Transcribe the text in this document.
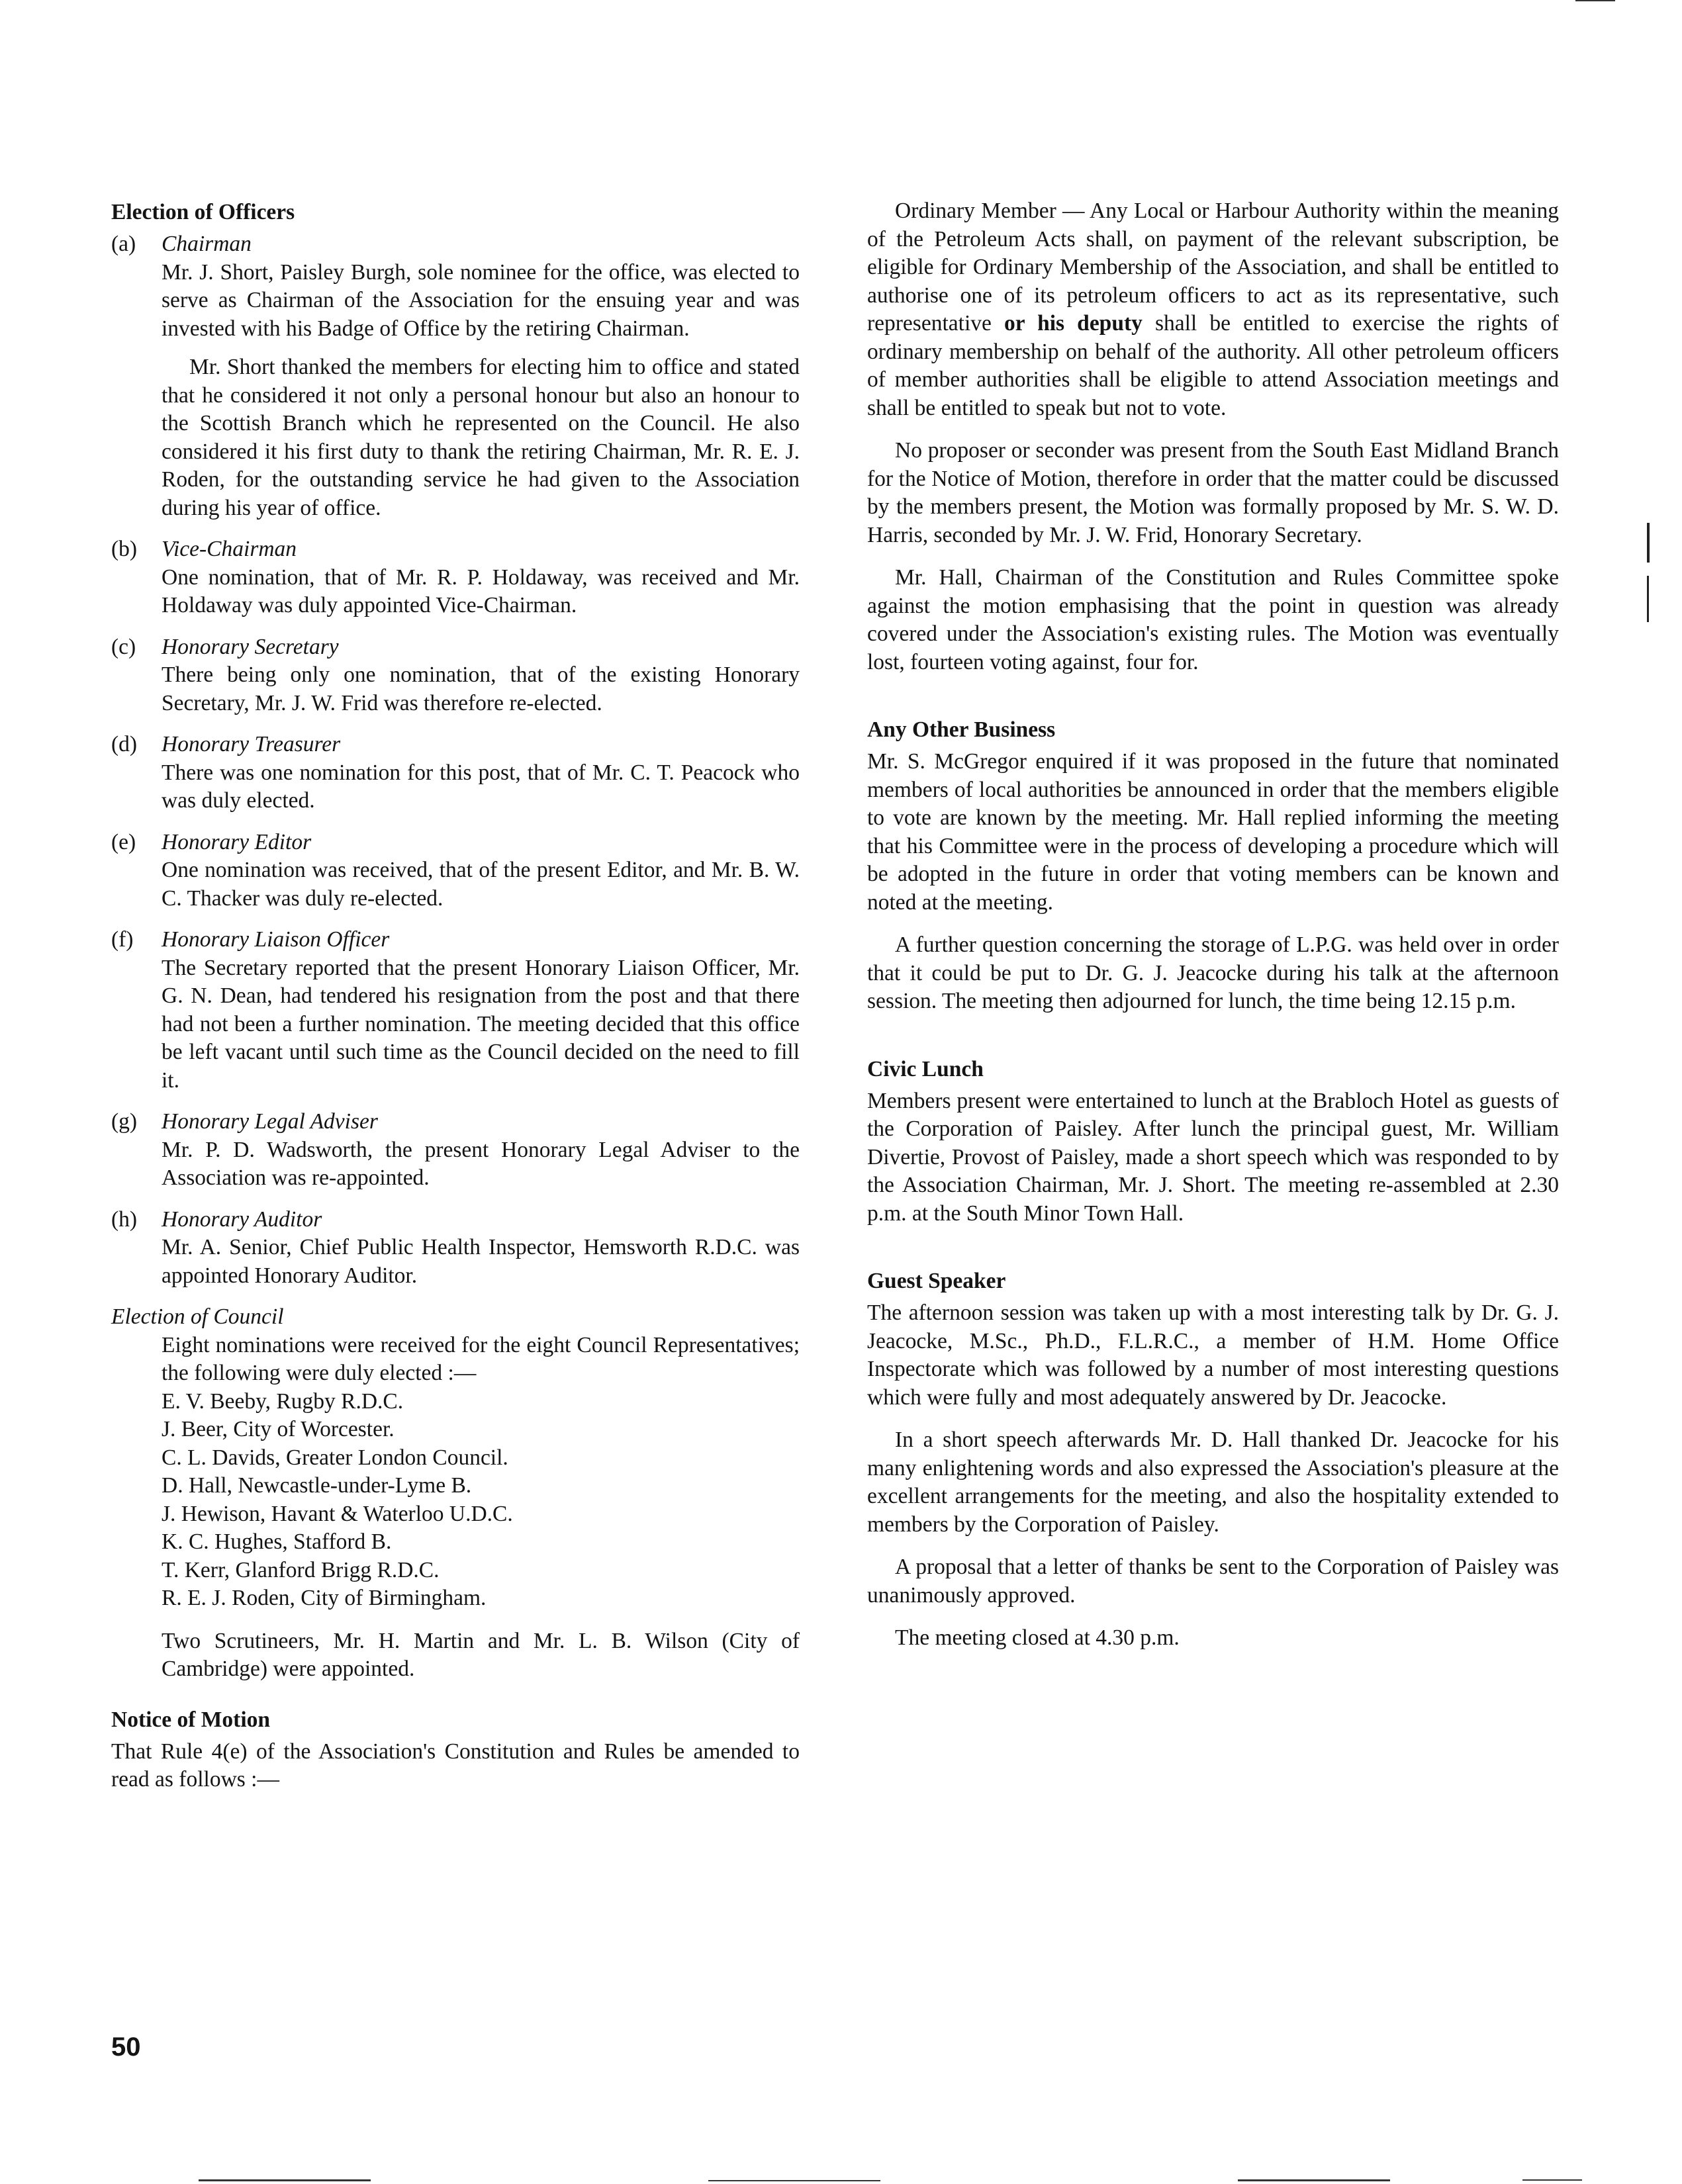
Election of Officers
(a) Chairman

Mr. J. Short, Paisley Burgh, sole nominee for the office, was elected to serve as Chairman of the Association for the ensuing year and was invested with his Badge of Office by the retiring Chairman.

Mr. Short thanked the members for electing him to office and stated that he considered it not only a personal honour but also an honour to the Scottish Branch which he represented on the Council. He also considered it his first duty to thank the retiring Chairman, Mr. R. E. J. Roden, for the outstanding service he had given to the Association during his year of office.

(b) Vice-Chairman

One nomination, that of Mr. R. P. Holdaway, was received and Mr. Holdaway was duly appointed Vice-Chairman.

(c) Honorary Secretary

There being only one nomination, that of the existing Honorary Secretary, Mr. J. W. Frid was therefore re-elected.

(d) Honorary Treasurer

There was one nomination for this post, that of Mr. C. T. Peacock who was duly elected.

(e) Honorary Editor

One nomination was received, that of the present Editor, and Mr. B. W. C. Thacker was duly re-elected.

(f) Honorary Liaison Officer

The Secretary reported that the present Honorary Liaison Officer, Mr. G. N. Dean, had tendered his resignation from the post and that there had not been a further nomination. The meeting decided that this office be left vacant until such time as the Council decided on the need to fill it.

(g) Honorary Legal Adviser

Mr. P. D. Wadsworth, the present Honorary Legal Adviser to the Association was re-appointed.

(h) Honorary Auditor

Mr. A. Senior, Chief Public Health Inspector, Hemsworth R.D.C. was appointed Honorary Auditor.

Election of Council

Eight nominations were received for the eight Council Representatives; the following were duly elected :—

E. V. Beeby, Rugby R.D.C.
J. Beer, City of Worcester.
C. L. Davids, Greater London Council.
D. Hall, Newcastle-under-Lyme B.
J. Hewison, Havant & Waterloo U.D.C.
K. C. Hughes, Stafford B.
T. Kerr, Glanford Brigg R.D.C.
R. E. J. Roden, City of Birmingham.

Two Scrutineers, Mr. H. Martin and Mr. L. B. Wilson (City of Cambridge) were appointed.

Notice of Motion

That Rule 4(e) of the Association's Constitution and Rules be amended to read as follows :—

Ordinary Member — Any Local or Harbour Authority within the meaning of the Petroleum Acts shall, on payment of the relevant subscription, be eligible for Ordinary Membership of the Association, and shall be entitled to authorise one of its petroleum officers to act as its representative, such representative or his deputy shall be entitled to exercise the rights of ordinary membership on behalf of the authority. All other petroleum officers of member authorities shall be eligible to attend Association meetings and shall be entitled to speak but not to vote.

No proposer or seconder was present from the South East Midland Branch for the Notice of Motion, therefore in order that the matter could be discussed by the members present, the Motion was formally proposed by Mr. S. W. D. Harris, seconded by Mr. J. W. Frid, Honorary Secretary.

Mr. Hall, Chairman of the Constitution and Rules Committee spoke against the motion emphasising that the point in question was already covered under the Association's existing rules. The Motion was eventually lost, fourteen voting against, four for.

Any Other Business

Mr. S. McGregor enquired if it was proposed in the future that nominated members of local authorities be announced in order that the members eligible to vote are known by the meeting. Mr. Hall replied informing the meeting that his Committee were in the process of developing a procedure which will be adopted in the future in order that voting members can be known and noted at the meeting.

A further question concerning the storage of L.P.G. was held over in order that it could be put to Dr. G. J. Jeacocke during his talk at the afternoon session. The meeting then adjourned for lunch, the time being 12.15 p.m.

Civic Lunch

Members present were entertained to lunch at the Brabloch Hotel as guests of the Corporation of Paisley. After lunch the principal guest, Mr. William Divertie, Provost of Paisley, made a short speech which was responded to by the Association Chairman, Mr. J. Short. The meeting re-assembled at 2.30 p.m. at the South Minor Town Hall.

Guest Speaker

The afternoon session was taken up with a most interesting talk by Dr. G. J. Jeacocke, M.Sc., Ph.D., F.L.R.C., a member of H.M. Home Office Inspectorate which was followed by a number of most interesting questions which were fully and most adequately answered by Dr. Jeacocke.

In a short speech afterwards Mr. D. Hall thanked Dr. Jeacocke for his many enlightening words and also expressed the Association's pleasure at the excellent arrangements for the meeting, and also the hospitality extended to members by the Corporation of Paisley.

A proposal that a letter of thanks be sent to the Corporation of Paisley was unanimously approved.

The meeting closed at 4.30 p.m.

50
